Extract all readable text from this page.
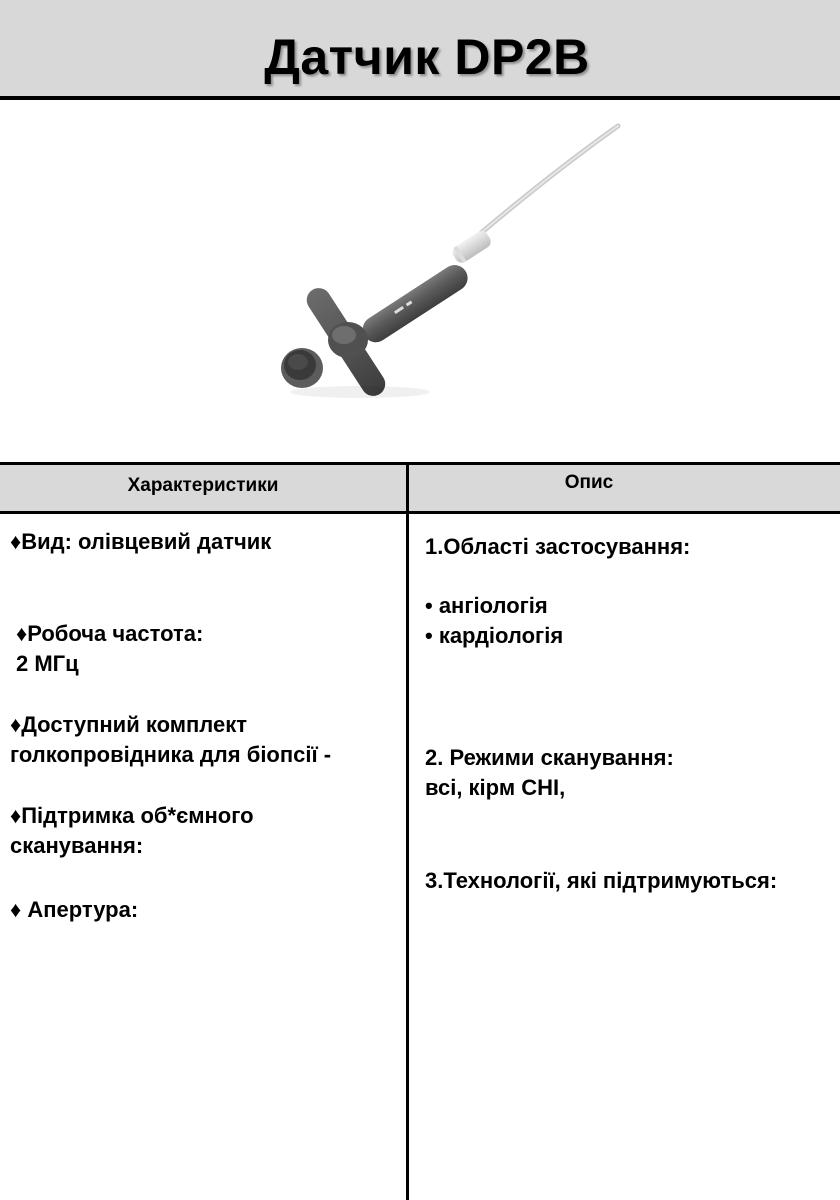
Датчик DP2B
Характеристики	Опис
♦Вид: олівцевий датчик
♦Робоча частота:
2 МГц
♦Доступний комплект
голкопровідника для біопсії -
♦Підтримка об*ємного
сканування:
♦ Апертура:
1.Області застосування:
• ангіологія
• кардіологія
2. Режими сканування:
всі, кірм CHI,
3.Технології, які підтримуються:
